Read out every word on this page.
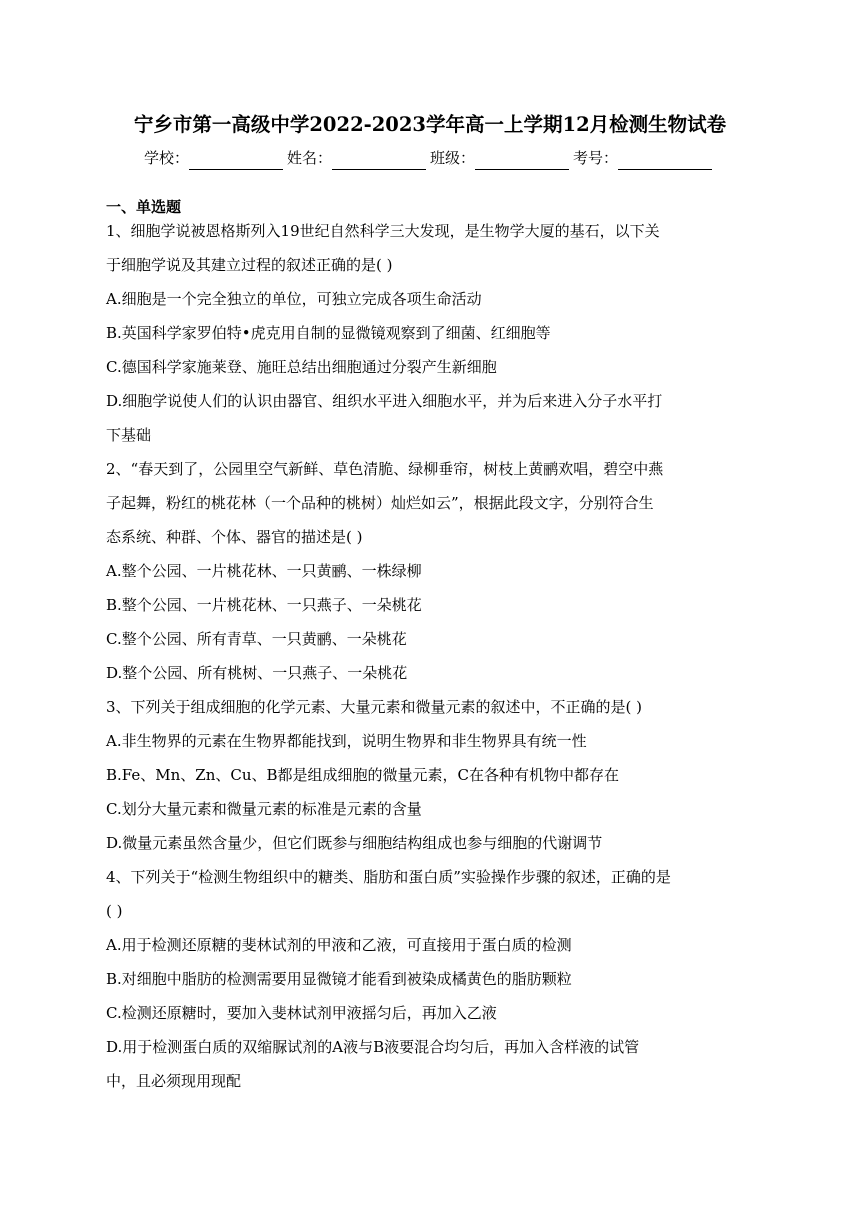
宁乡市第一高级中学2022-2023学年高一上学期12月检测生物试卷
学校：	姓名：	班级：	考号：
一、单选题
1、细胞学说被恩格斯列入19世纪自然科学三大发现，是生物学大厦的基石，以下关
于细胞学说及其建立过程的叙述正确的是( )
A.细胞是一个完全独立的单位，可独立完成各项生命活动
B.英国科学家罗伯特•虎克用自制的显微镜观察到了细菌、红细胞等
C.德国科学家施莱登、施旺总结出细胞通过分裂产生新细胞
D.细胞学说使人们的认识由器官、组织水平进入细胞水平，并为后来进入分子水平打
下基础
2、“春天到了，公园里空气新鲜、草色清脆、绿柳垂帘，树枝上黄鹂欢唱，碧空中燕
子起舞，粉红的桃花林（一个品种的桃树）灿烂如云”，根据此段文字，分别符合生
态系统、种群、个体、器官的描述是( )
A.整个公园、一片桃花林、一只黄鹂、一株绿柳
B.整个公园、一片桃花林、一只燕子、一朵桃花
C.整个公园、所有青草、一只黄鹂、一朵桃花
D.整个公园、所有桃树、一只燕子、一朵桃花
3、下列关于组成细胞的化学元素、大量元素和微量元素的叙述中，不正确的是( )
A.非生物界的元素在生物界都能找到，说明生物界和非生物界具有统一性
B.Fe、Mn、Zn、Cu、B都是组成细胞的微量元素，C在各种有机物中都存在
C.划分大量元素和微量元素的标准是元素的含量
D.微量元素虽然含量少，但它们既参与细胞结构组成也参与细胞的代谢调节
4、下列关于“检测生物组织中的糖类、脂肪和蛋白质”实验操作步骤的叙述，正确的是
( )
A.用于检测还原糖的斐林试剂的甲液和乙液，可直接用于蛋白质的检测
B.对细胞中脂肪的检测需要用显微镜才能看到被染成橘黄色的脂肪颗粒
C.检测还原糖时，要加入斐林试剂甲液摇匀后，再加入乙液
D.用于检测蛋白质的双缩脲试剂的A液与B液要混合均匀后，再加入含样液的试管
中，且必须现用现配
